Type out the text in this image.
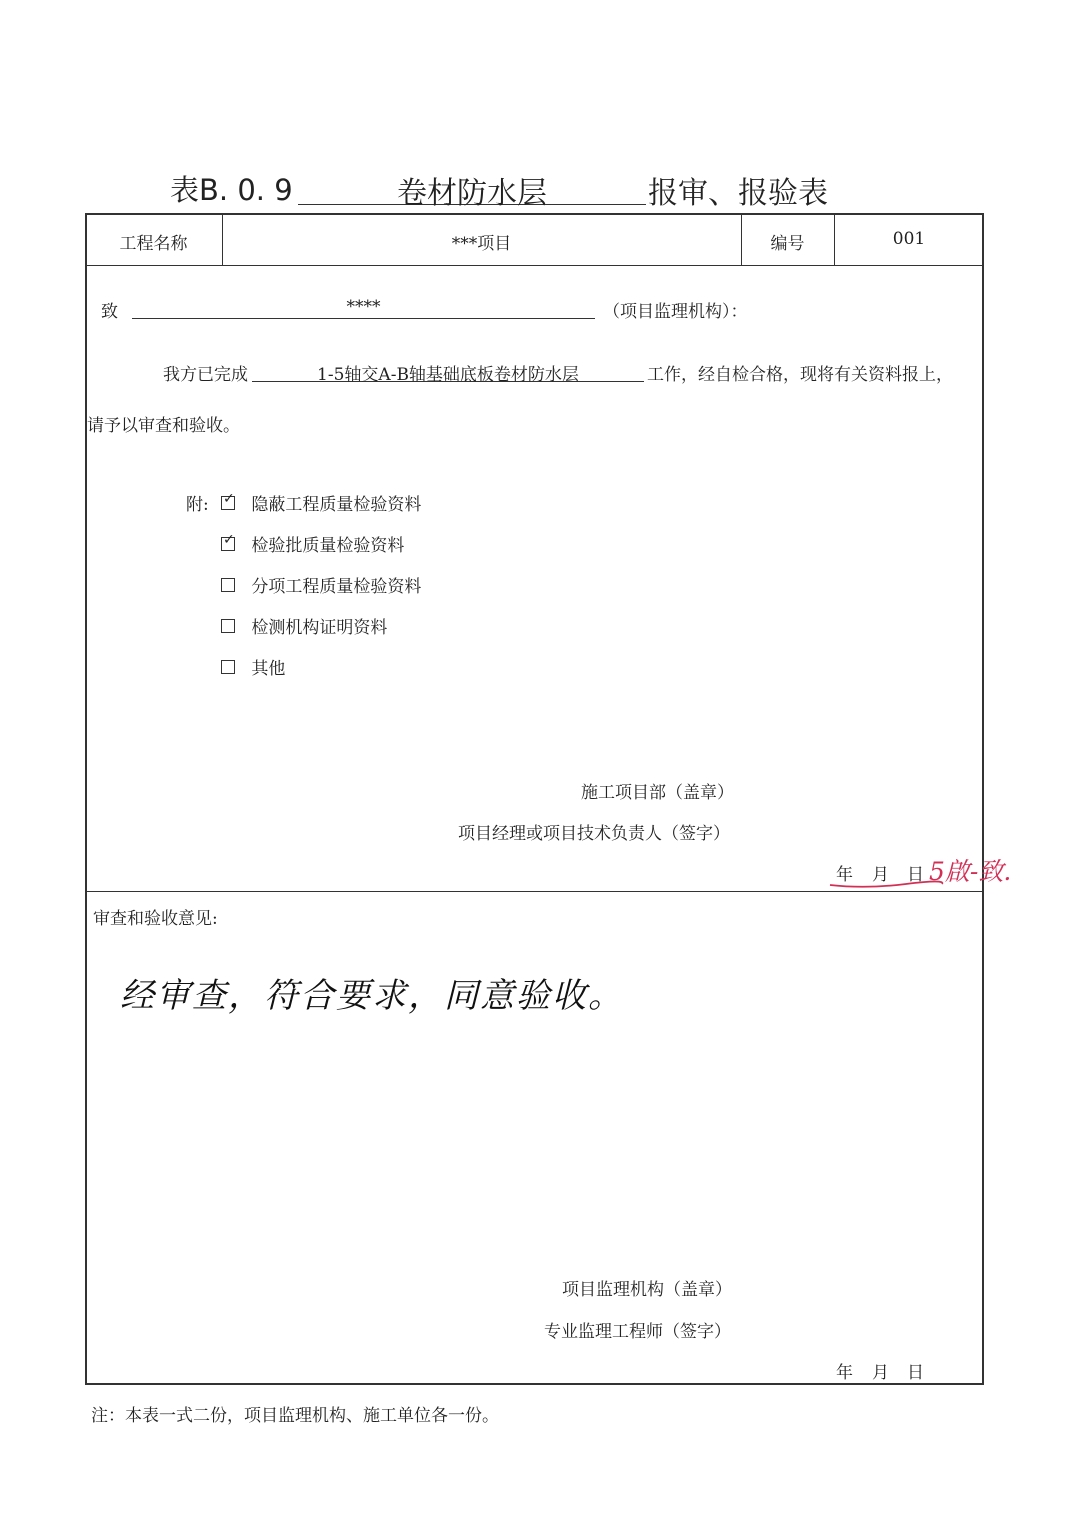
表B. 0. 9	卷材防水层	报审、报验表
工程名称	***项目	编号	001
致	****	（项目监理机构）：
我方已完成	1-5轴交A-B轴基础底板卷材防水层	工作，经自检合格，现将有关资料报上，
请予以审查和验收。
附: ✓ 隐蔽工程质量检验资料
✓ 检验批质量检验资料
分项工程质量检验资料
检测机构证明资料
其他
施工项目部（盖章）
项目经理或项目技术负责人（签字）
年 月 日 5啟-致.
审查和验收意见:
经审查，符合要求，同意验收。
项目监理机构（盖章）
专业监理工程师（签字）
年 月 日
注：本表一式二份，项目监理机构、施工单位各一份。
